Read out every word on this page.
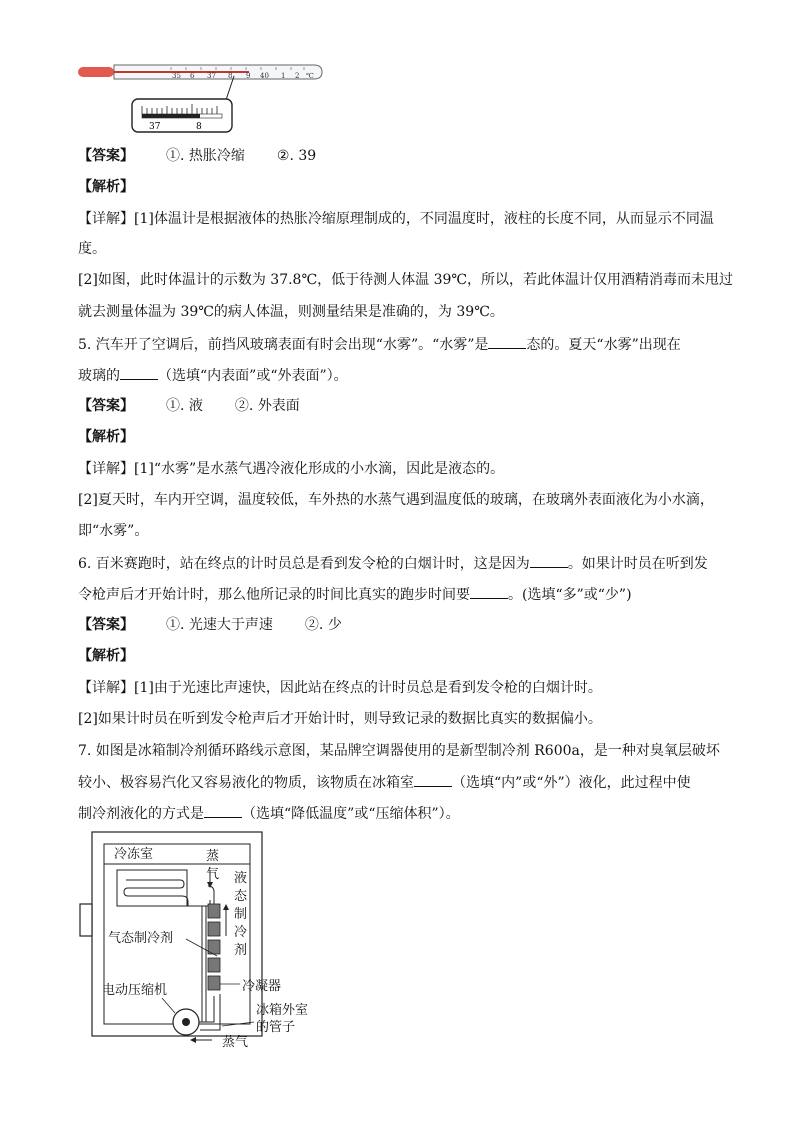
35 6 37 8 9 40 1 2 ℃
37	8
【答案】 ①. 热胀冷缩 ②. 39
【解析】
【详解】[1]体温计是根据液体的热胀冷缩原理制成的，不同温度时，液柱的长度不同，从而显示不同温
度。
[2]如图，此时体温计的示数为 37.8℃，低于待测人体温 39℃，所以，若此体温计仅用酒精消毒而未甩过
就去测量体温为 39℃的病人体温，则测量结果是准确的，为 39℃。
5. 汽车开了空调后，前挡风玻璃表面有时会出现“水雾”。“水雾”是	态的。夏天“水雾”出现在
玻璃的	（选填“内表面”或“外表面”）。
【答案】 ①. 液 ②. 外表面
【解析】
【详解】[1]“水雾”是水蒸气遇冷液化形成的小水滴，因此是液态的。
[2]夏天时，车内开空调，温度较低，车外热的水蒸气遇到温度低的玻璃，在玻璃外表面液化为小水滴，
即“水雾”。
6. 百米赛跑时，站在终点的计时员总是看到发令枪的白烟计时，这是因为	。如果计时员在听到发
令枪声后才开始计时，那么他所记录的时间比真实的跑步时间要	。(选填“多”或“少”)
【答案】 ①. 光速大于声速 ②. 少
【解析】
【详解】[1]由于光速比声速快，因此站在终点的计时员总是看到发令枪的白烟计时。
[2]如果计时员在听到发令枪声后才开始计时，则导致记录的数据比真实的数据偏小。
7. 如图是冰箱制冷剂循环路线示意图，某品牌空调器使用的是新型制冷剂 R600a，是一种对臭氧层破坏
较小、极容易汽化又容易液化的物质，该物质在冰箱室	（选填“内”或“外”）液化，此过程中使
制冷剂液化的方式是	（选填“降低温度”或“压缩体积”）。
冷冻室	蒸
气 液
态
制
冷
剂
气态制冷剂
冷凝器
电动压缩机
冰箱外室
的管子
蒸气
